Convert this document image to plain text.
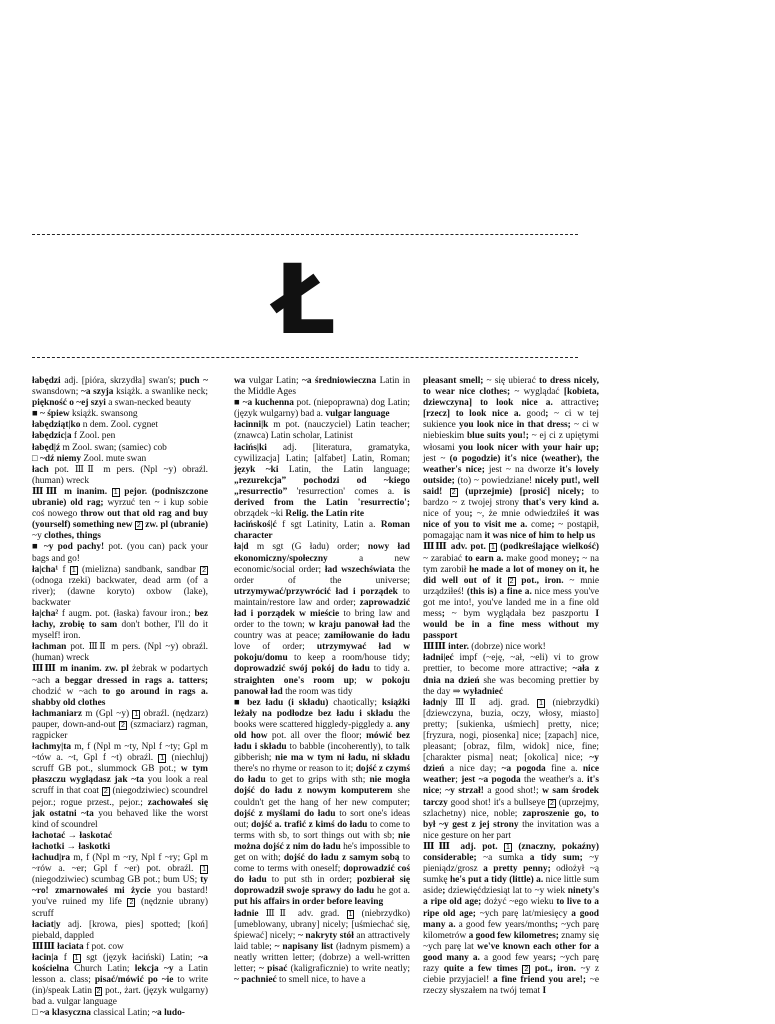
Ł

łabędzi adj. [pióra, skrzydła] swan's; puch ~ swansdown; ~a szyja książk. a swanlike neck; piękność o ~ej szyi a swan-necked beauty

■ ~ śpiew książk. swansong

łabędziąt|ko n dem. Zool. cygnet

łabędzic|a f Zool. pen

łabęd|ź m Zool. swan; (samiec) cob

□ ~dź niemy Zool. mute swan

łach pot. ⅢⅡ m pers. (Npl ~y) obraźl. (human) wreck

ⅢⅢ m inanim. 1 pejor. (podniszczone ubranie) old rag; wyrzuć ten ~ i kup sobie coś nowego throw out that old rag and buy (yourself) something new 2 zw. pl (ubranie) ~y clothes, things

■ ~y pod pachy! pot. (you can) pack your bags and go!

ła|cha¹ f 1 (mielizna) sandbank, sandbar 2 (odnoga rzeki) backwater, dead arm (of a river); (dawne koryto) oxbow (lake), backwater

ła|cha² f augm. pot. (łaska) favour iron.; bez łachy, zrobię to sam don't bother, I'll do it myself! iron.

łachman pot. ⅢⅡ m pers. (Npl ~y) obraźl. (human) wreck

ⅢⅢ m inanim. zw. pl żebrak w podartych ~ach a beggar dressed in rags a. tatters; chodzić w ~ach to go around in rags a. shabby old clothes

łachmaniarz m (Gpl ~y) 1 obraźl. (nędzarz) pauper, down-and-out 2 (szmaciarz) ragman, ragpicker

łachmy|ta m, f (Npl m ~ty, Npl f ~ty; Gpl m ~tów a. ~t, Gpl f ~t) obraźl. 1 (niechluj) scruff GB pot., slummock GB pot.; w tym płaszczu wyglądasz jak ~ta you look a real scruff in that coat 2 (niegodziwiec) scoundrel pejor.; rogue przest., pejor.; zachowałeś się jak ostatni ~ta you behaved like the worst kind of scoundrel

łachotać → łaskotać

łachotki → łaskotki

łachud|ra m, f (Npl m ~ry, Npl f ~ry; Gpl m ~rów a. ~er; Gpl f ~er) pot. obraźl. 1 (niegodziwiec) scumbag GB pot.; bum US; ty ~ro! zmarnowałeś mi życie you bastard! you've ruined my life 2 (nędznie ubrany) scruff

łaciat|y adj. [krowa, pies] spotted; [koń] piebald, dappled

ⅢⅢ łaciata f pot. cow

łacin|a f 1 sgt (język łaciński) Latin; ~a kościelna Church Latin; lekcja ~y a Latin lesson a. class; pisać/mówić po ~ie to write (in)/speak Latin 2 pot., żart. (język wulgarny) bad a. vulgar language

□ ~a klasyczna classical Latin; ~a ludo-

wa vulgar Latin; ~a średniowieczna Latin in the Middle Ages

■ ~a kuchenna pot. (niepoprawna) dog Latin; (język wulgarny) bad a. vulgar language

łacinni|k m pot. (nauczyciel) Latin teacher; (znawca) Latin scholar, Latinist

łacińs|ki adj. [literatura, gramatyka, cywilizacja] Latin; [alfabet] Latin, Roman; język ~ki Latin, the Latin language; „rezurekcja” pochodzi od ~kiego „resurrectio” 'resurrection' comes a. is derived from the Latin 'resurrectio'; obrządek ~ki Relig. the Latin rite

łacińskoś|ć f sgt Latinity, Latin a. Roman character

ła|d m sgt (G ładu) order; nowy ład ekonomiczny/społeczny a new economic/social order; ład wszechświata the order of the universe; utrzymywać/przywrócić ład i porządek to maintain/restore law and order; zaprowadzić ład i porządek w mieście to bring law and order to the town; w kraju panował ład the country was at peace; zamiłowanie do ładu love of order; utrzymywać ład w pokoju/domu to keep a room/house tidy; doprowadzić swój pokój do ładu to tidy a. straighten one's room up; w pokoju panował ład the room was tidy

■ bez ładu (i składu) chaotically; książki leżały na podłodze bez ładu i składu the books were scattered higgledy-piggledy a. any old how pot. all over the floor; mówić bez ładu i składu to babble (incoherently), to talk gibberish; nie ma w tym ni ładu, ni składu there's no rhyme or reason to it; dojść z czymś do ładu to get to grips with sth; nie mogła dojść do ładu z nowym komputerem she couldn't get the hang of her new computer; dojść z myślami do ładu to sort one's ideas out; dojść a. trafić z kimś do ładu to come to terms with sb, to sort things out with sb; nie można dojść z nim do ładu he's impossible to get on with; dojść do ładu z samym sobą to come to terms with oneself; doprowadzić coś do ładu to put sth in order; pozbierał się doprowadził swoje sprawy do ładu he got a. put his affairs in order before leaving

ładnie ⅢⅡ adv. grad. 1 (niebrzydko) [umeblowany, ubrany] nicely; [uśmiechać się, śpiewać] nicely; ~ nakryty stół an attractively laid table; ~ napisany list (ładnym pismem) a neatly written letter; (dobrze) a well-written letter; ~ pisać (kaligraficznie) to write neatly; ~ pachnieć to smell nice, to have a

pleasant smell; ~ się ubierać to dress nicely, to wear nice clothes; ~ wyglądać [kobieta, dziewczyna] to look nice a. attractive; [rzecz] to look nice a. good; ~ ci w tej sukience you look nice in that dress; ~ ci w niebieskim blue suits you!; ~ ej ci z upiętymi włosami you look nicer with your hair up; jest ~ (o pogodzie) it's nice (weather), the weather's nice; jest ~ na dworze it's lovely outside; (to) ~ powiedziane! nicely put!, well said! 2 (uprzejmie) [prosić] nicely; to bardzo ~ z twojej strony that's very kind a. nice of you; ~, że mnie odwiedziłeś it was nice of you to visit me a. come; ~ postąpił, pomagając nam it was nice of him to help us

ⅢⅢ adv. pot. 1 (podkreślające wielkość) ~ zarabiać to earn a. make good money; ~ na tym zarobił he made a lot of money on it, he did well out of it 2 pot., iron. ~ mnie urządziłeś! (this is) a fine a. nice mess you've got me into!, you've landed me in a fine old mess; ~ bym wyglądała bez paszportu I would be in a fine mess without my passport

ⅢⅢ inter. (dobrze) nice work!

ładni|eć impf (~eję, ~ał, ~eli) vi to grow prettier, to become more attractive; ~ała z dnia na dzień she was becoming prettier by the day ⇒ wyładnieć

ładn|y ⅢⅡ adj. grad. 1 (niebrzydki) [dziewczyna, buzia, oczy, włosy, miasto] pretty; [sukienka, uśmiech] pretty, nice; [fryzura, nogi, piosenka] nice; [zapach] nice, pleasant; [obraz, film, widok] nice, fine; [charakter pisma] neat; [okolica] nice; ~y dzień a nice day; ~a pogoda fine a. nice weather; jest ~a pogoda the weather's a. it's nice; ~y strzał! a good shot!; w sam środek tarczy good shot! it's a bullseye 2 (uprzejmy, szlachetny) nice, noble; zaproszenie go, to był ~y gest z jej strony the invitation was a nice gesture on her part

ⅢⅢ adj. pot. 1 (znaczny, pokaźny) considerable; ~a sumka a tidy sum; ~y pieniądz/grosz a pretty penny; odłożył ~ą sumkę he's put a tidy (little) a. nice little sum aside; dziewięćdziesiąt lat to ~y wiek ninety's a ripe old age; dożyć ~ego wieku to live to a ripe old age; ~ych parę lat/miesięcy a good many a. a good few years/months; ~ych parę kilometrów a good few kilometres; znamy się ~ych parę lat we've known each other for a good many a. a good few years; ~ych parę razy quite a few times 2 pot., iron. ~y z ciebie przyjaciel! a fine friend you are!; ~e rzeczy słyszałem na twój temat I
